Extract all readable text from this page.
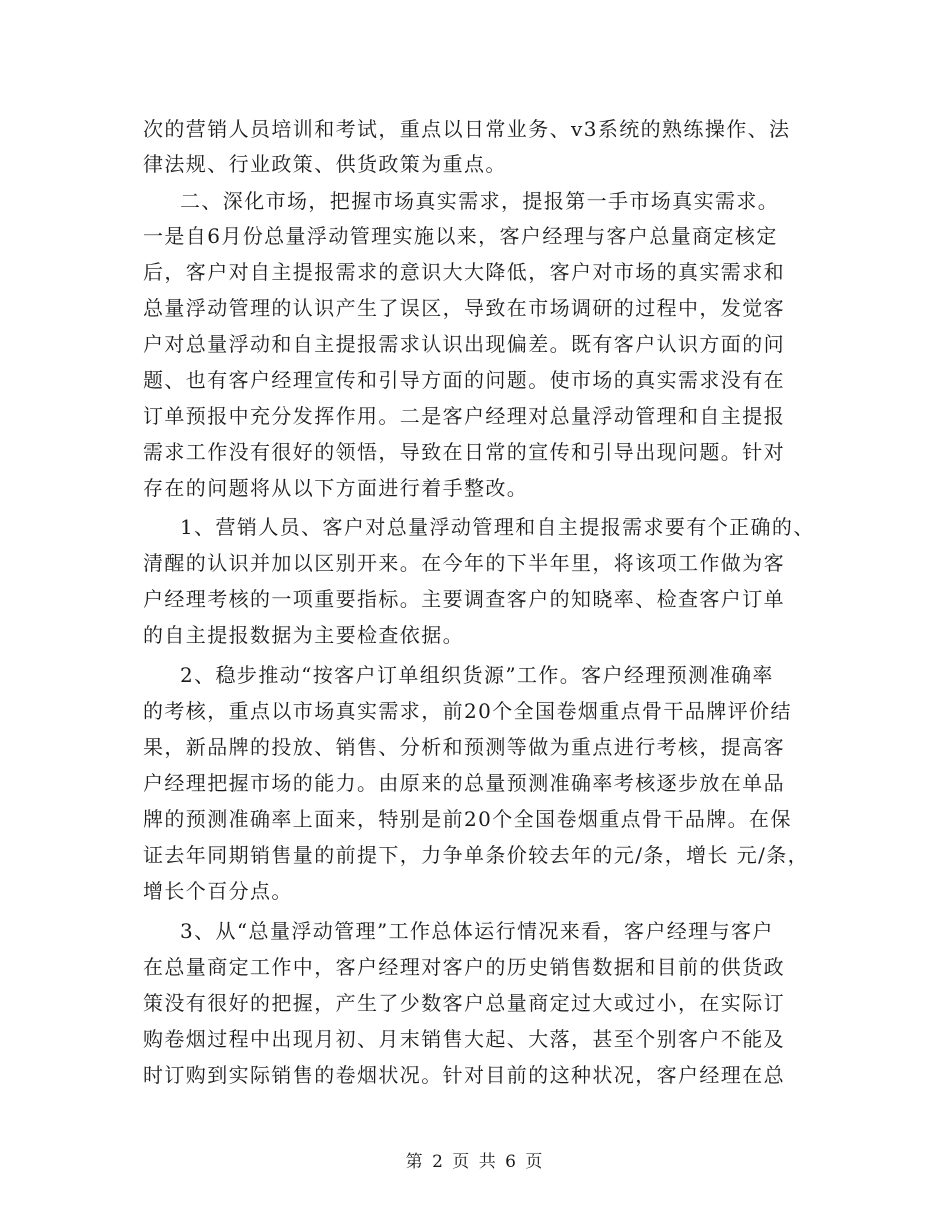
次的营销人员培训和考试，重点以日常业务、v3系统的熟练操作、法
律法规、行业政策、供货政策为重点。
二、深化市场，把握市场真实需求，提报第一手市场真实需求。
一是自6月份总量浮动管理实施以来，客户经理与客户总量商定核定
后，客户对自主提报需求的意识大大降低，客户对市场的真实需求和
总量浮动管理的认识产生了误区，导致在市场调研的过程中，发觉客
户对总量浮动和自主提报需求认识出现偏差。既有客户认识方面的问
题、也有客户经理宣传和引导方面的问题。使市场的真实需求没有在
订单预报中充分发挥作用。二是客户经理对总量浮动管理和自主提报
需求工作没有很好的领悟，导致在日常的宣传和引导出现问题。针对
存在的问题将从以下方面进行着手整改。
1、营销人员、客户对总量浮动管理和自主提报需求要有个正确的、
清醒的认识并加以区别开来。在今年的下半年里，将该项工作做为客
户经理考核的一项重要指标。主要调查客户的知晓率、检查客户订单
的自主提报数据为主要检查依据。
2、稳步推动“按客户订单组织货源”工作。客户经理预测准确率
的考核，重点以市场真实需求，前20个全国卷烟重点骨干品牌评价结
果，新品牌的投放、销售、分析和预测等做为重点进行考核，提高客
户经理把握市场的能力。由原来的总量预测准确率考核逐步放在单品
牌的预测准确率上面来，特别是前20个全国卷烟重点骨干品牌。在保
证去年同期销售量的前提下，力争单条价较去年的元/条，增长 元/条，
增长个百分点。
3、从“总量浮动管理”工作总体运行情况来看，客户经理与客户
在总量商定工作中，客户经理对客户的历史销售数据和目前的供货政
策没有很好的把握，产生了少数客户总量商定过大或过小，在实际订
购卷烟过程中出现月初、月末销售大起、大落，甚至个别客户不能及
时订购到实际销售的卷烟状况。针对目前的这种状况，客户经理在总
第 2 页 共 6 页
